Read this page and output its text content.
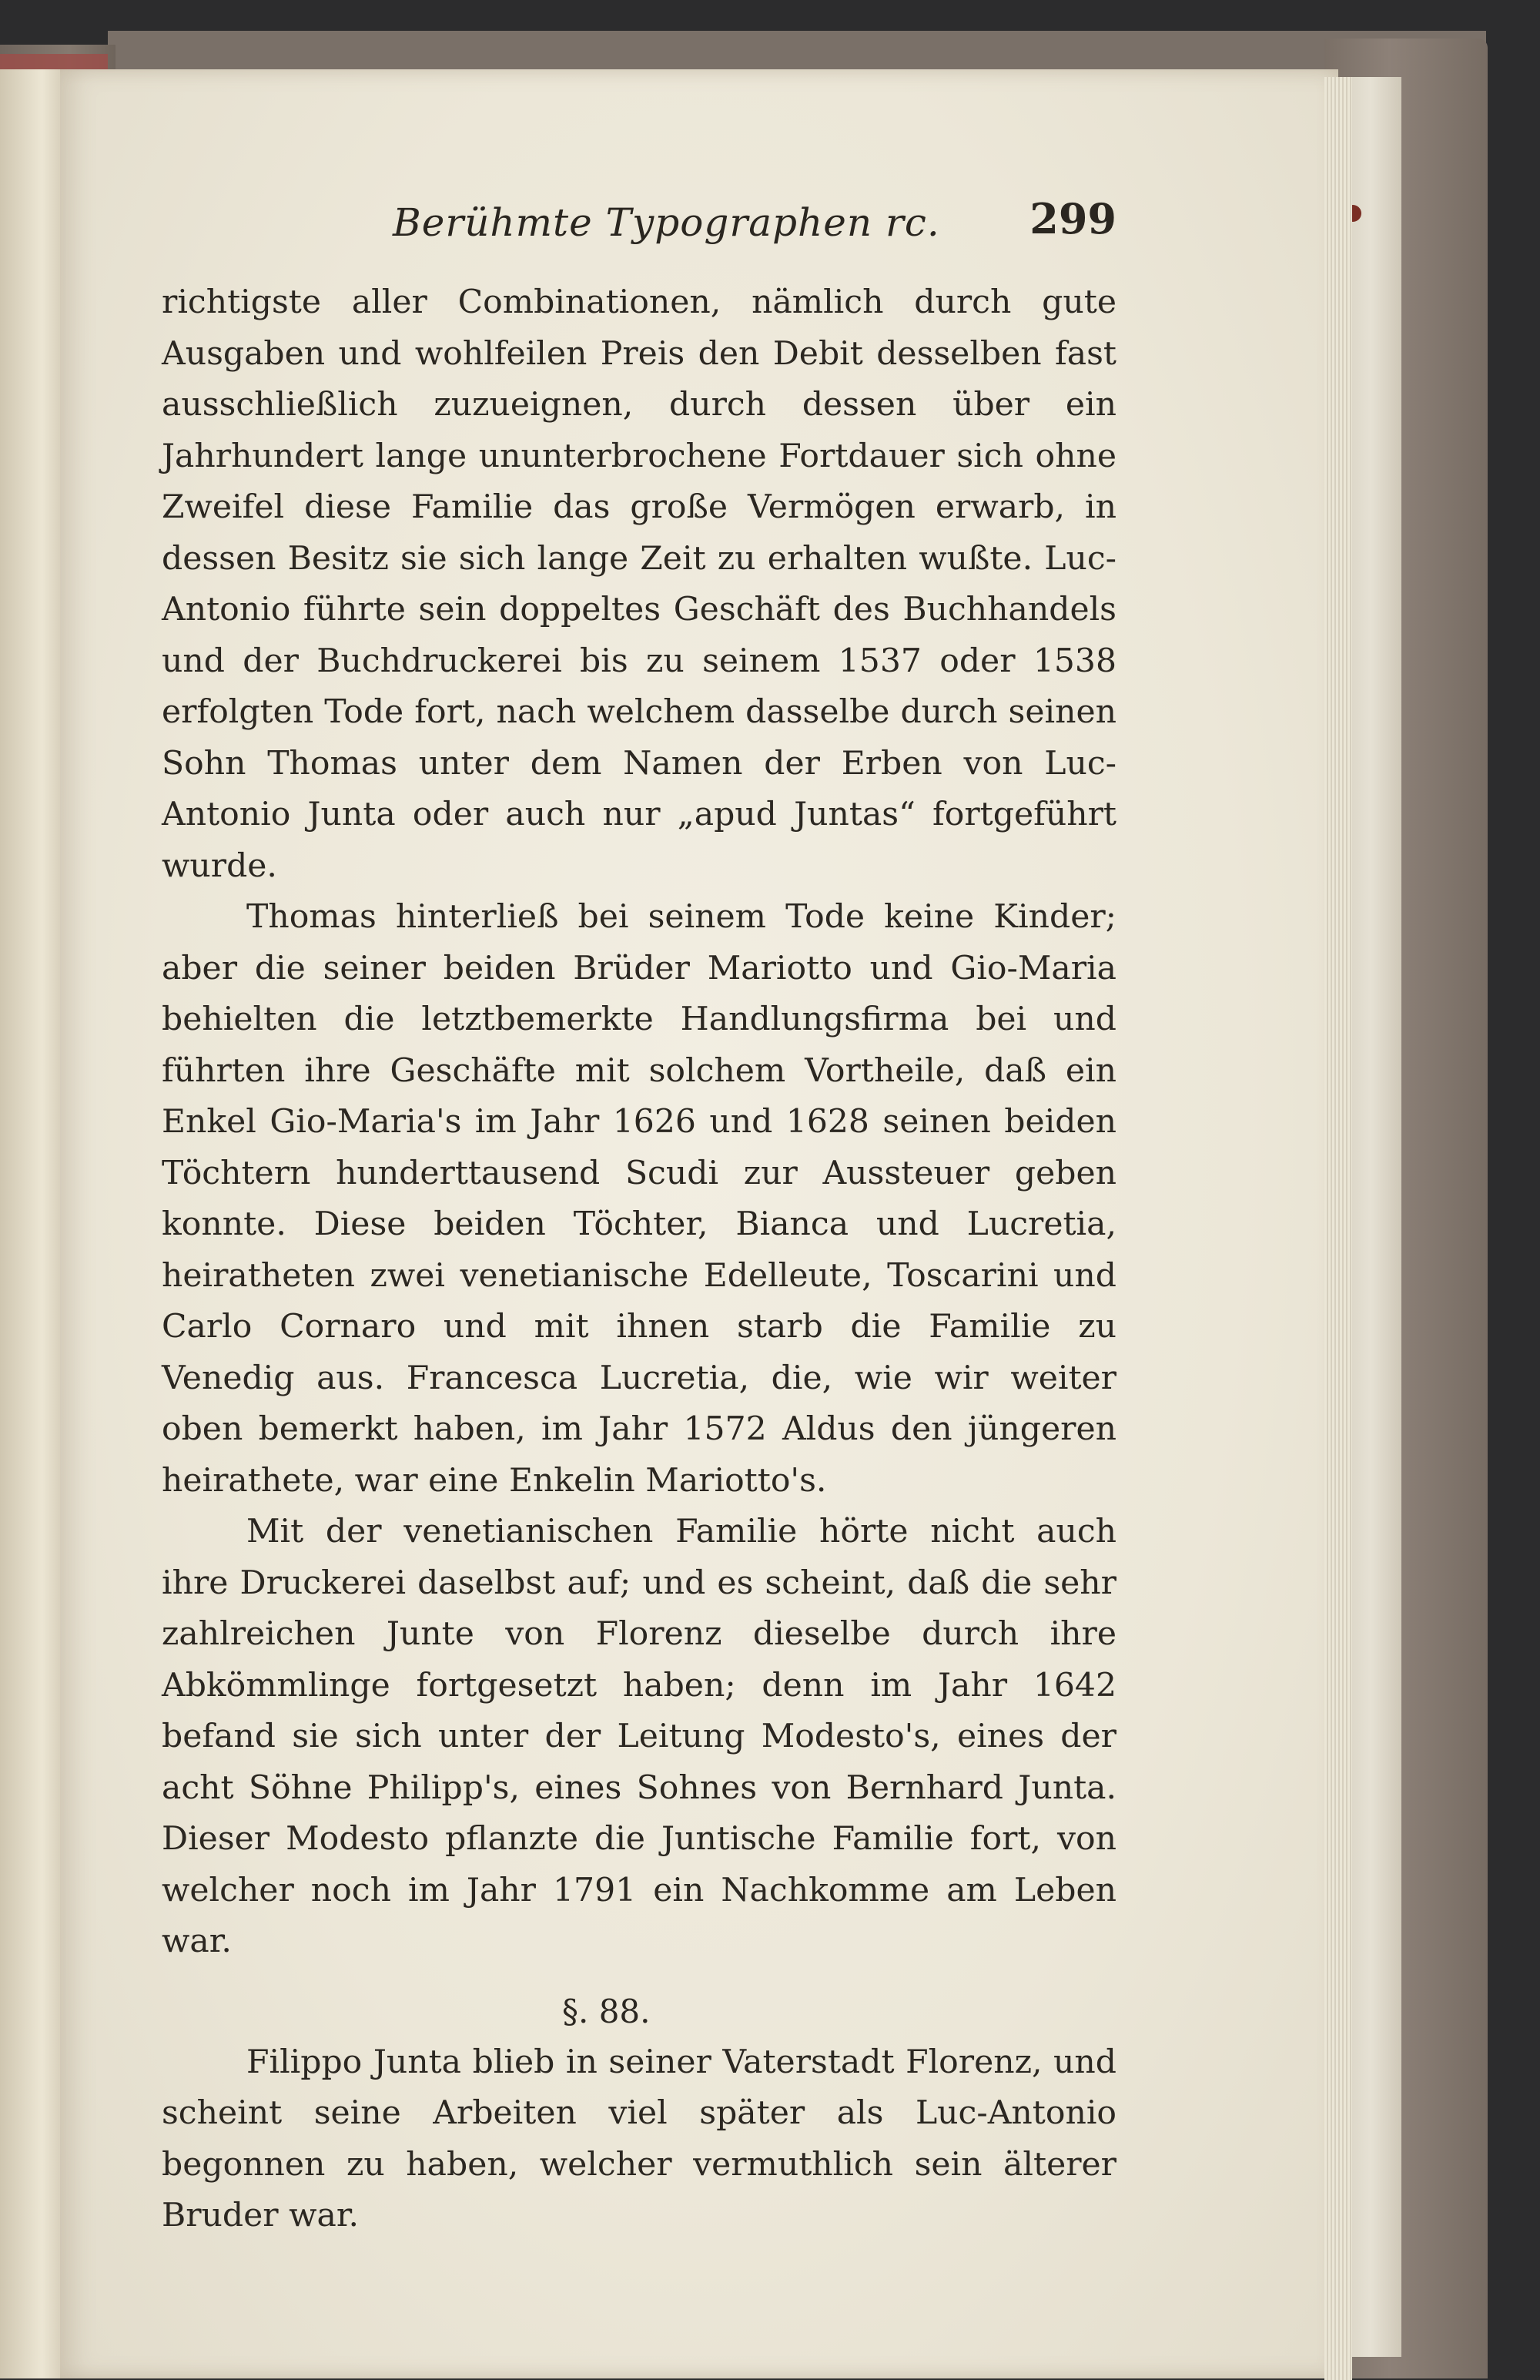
Berühmte Typographen rc. 299

richtigste aller Combinationen, nämlich durch gute Ausgaben und wohlfeilen Preis den Debit desselben fast ausschließlich zuzueignen, durch dessen über ein Jahrhundert lange ununterbrochene Fortdauer sich ohne Zweifel diese Familie das große Vermögen erwarb, in dessen Besitz sie sich lange Zeit zu erhalten wußte. Luc-Antonio führte sein doppeltes Geschäft des Buchhandels und der Buchdruckerei bis zu seinem 1537 oder 1538 erfolgten Tode fort, nach welchem dasselbe durch seinen Sohn Thomas unter dem Namen der Erben von Luc-Antonio Junta oder auch nur „apud Juntas“ fortgeführt wurde.

Thomas hinterließ bei seinem Tode keine Kinder; aber die seiner beiden Brüder Mariotto und Gio-Maria behielten die letztbemerkte Handlungsfirma bei und führten ihre Geschäfte mit solchem Vortheile, daß ein Enkel Gio-Maria's im Jahr 1626 und 1628 seinen beiden Töchtern hunderttausend Scudi zur Aussteuer geben konnte. Diese beiden Töchter, Bianca und Lucretia, heiratheten zwei venetianische Edelleute, Toscarini und Carlo Cornaro und mit ihnen starb die Familie zu Venedig aus. Francesca Lucretia, die, wie wir weiter oben bemerkt haben, im Jahr 1572 Aldus den jüngeren heirathete, war eine Enkelin Mariotto's.

Mit der venetianischen Familie hörte nicht auch ihre Druckerei daselbst auf; und es scheint, daß die sehr zahlreichen Junte von Florenz dieselbe durch ihre Abkömmlinge fortgesetzt haben; denn im Jahr 1642 befand sie sich unter der Leitung Modesto's, eines der acht Söhne Philipp's, eines Sohnes von Bernhard Junta. Dieser Modesto pflanzte die Juntische Familie fort, von welcher noch im Jahr 1791 ein Nachkomme am Leben war.

§. 88.

Filippo Junta blieb in seiner Vaterstadt Florenz, und scheint seine Arbeiten viel später als Luc-Antonio begonnen zu haben, welcher vermuthlich sein älterer Bruder war.
